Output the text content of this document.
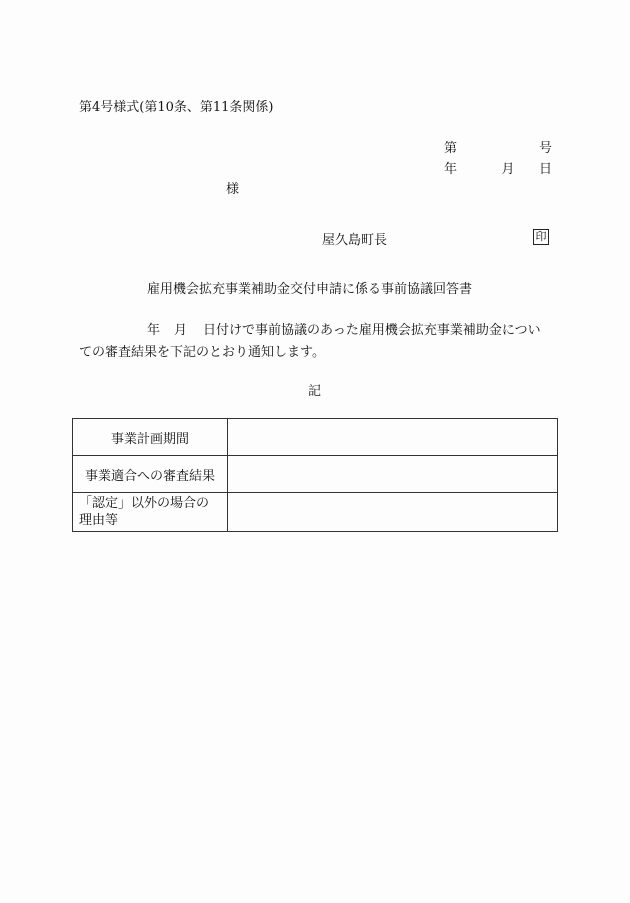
第4号様式(第10条、第11条関係)
第	号
年	月 日
様
屋久島町長	印
雇用機会拡充事業補助金交付申請に係る事前協議回答書
年 月 日付けで事前協議のあった雇用機会拡充事業補助金についての審査結果を下記のとおり通知します。
記
事業計画期間	
事業適合への審査結果	
「認定」以外の場合の理由等	
